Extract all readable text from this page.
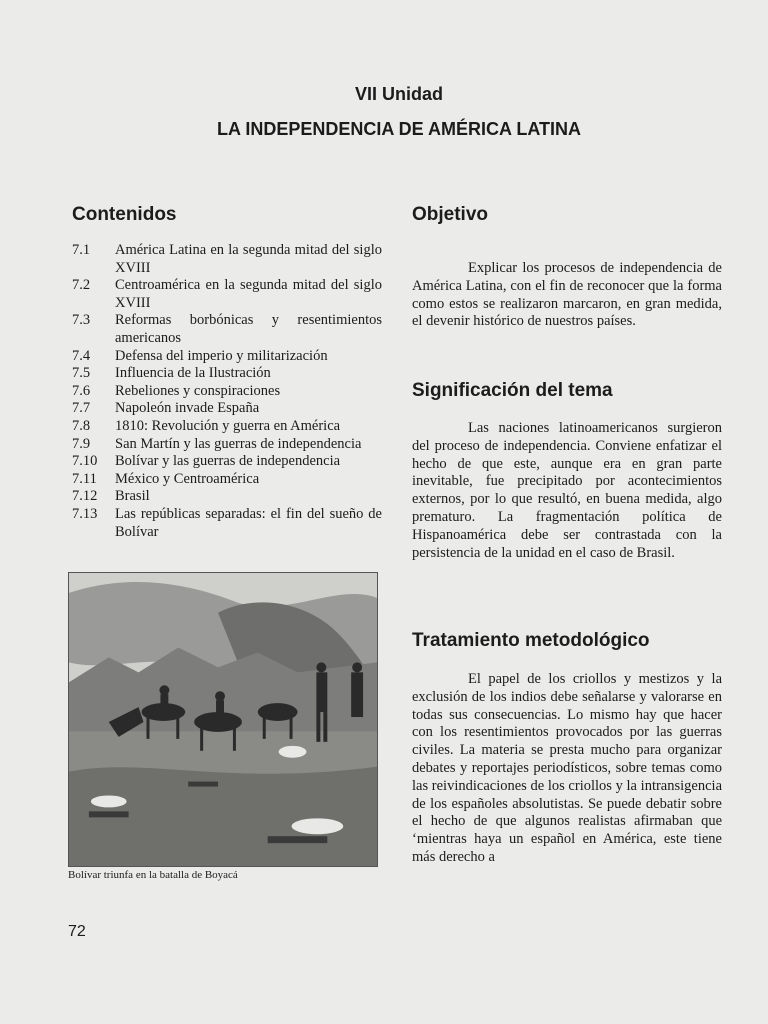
VII Unidad
LA INDEPENDENCIA DE AMÉRICA LATINA
Contenidos
7.1	América Latina en la segunda mitad del siglo XVIII
7.2	Centroamérica en la segunda mitad del siglo XVIII
7.3	Reformas borbónicas y resentimientos americanos
7.4	Defensa del imperio y militarización
7.5	Influencia de la Ilustración
7.6	Rebeliones y conspiraciones
7.7	Napoleón invade España
7.8	1810: Revolución y guerra en América
7.9	San Martín y las guerras de independencia
7.10	Bolívar y las guerras de independencia
7.11	México y Centroamérica
7.12	Brasil
7.13	Las repúblicas separadas: el fin del sueño de Bolívar
Bolívar triunfa en la batalla de Boyacá
72
Objetivo

Explicar los procesos de independencia de América Latina, con el fin de reconocer que la forma como estos se realizaron marcaron, en gran medida, el devenir histórico de nuestros países.

Significación del tema

Las naciones latinoamericanos surgieron del proceso de independencia. Conviene enfatizar el hecho de que este, aunque era en gran parte inevitable, fue precipitado por acontecimientos externos, por lo que resultó, en buena medida, algo prematuro. La fragmentación política de Hispanoamérica debe ser contrastada con la persistencia de la unidad en el caso de Brasil.

Tratamiento metodológico

El papel de los criollos y mestizos y la exclusión de los indios debe señalarse y valorarse en todas sus consecuencias. Lo mismo hay que hacer con los resentimientos provocados por las guerras civiles. La materia se presta mucho para organizar debates y reportajes periodísticos, sobre temas como las reivindicaciones de los criollos y la intransigencia de los españoles absolutistas. Se puede debatir sobre el hecho de que algunos realistas afirmaban que ‘mientras haya un español en América, este tiene más derecho a
